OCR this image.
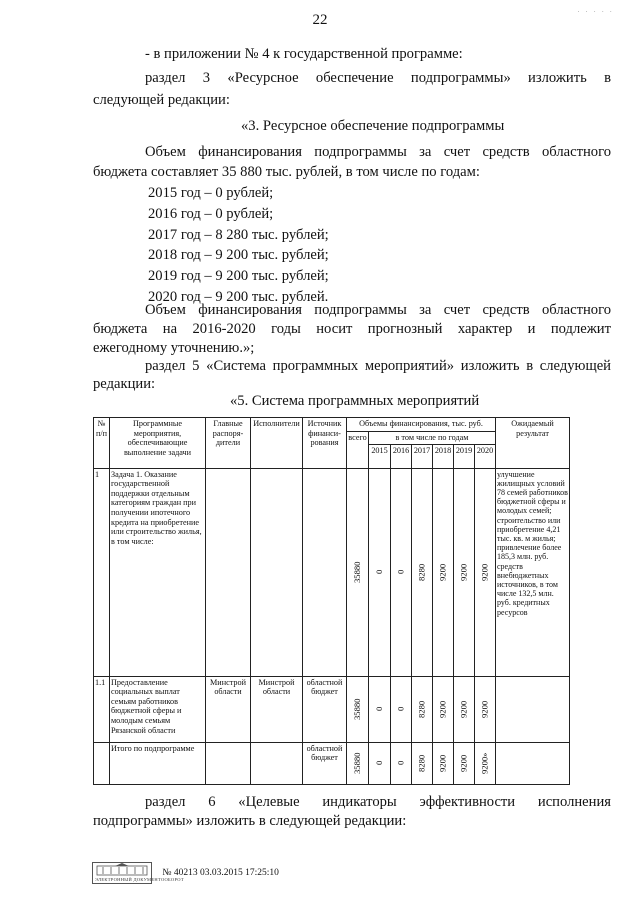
22	· · · · ·
- в приложении № 4 к государственной программе:
раздел 3 «Ресурсное обеспечение подпрограммы» изложить в
следующей редакции:
«3. Ресурсное обеспечение подпрограммы
Объем финансирования подпрограммы за счет средств областного
бюджета составляет 35 880 тыс. рублей, в том числе по годам:
2015 год – 0 рублей;
2016 год – 0 рублей;
2017 год – 8 280 тыс. рублей;
2018 год – 9 200 тыс. рублей;
2019 год – 9 200 тыс. рублей;
2020 год – 9 200 тыс. рублей.
Объем финансирования подпрограммы за счет средств областного
бюджета на 2016-2020 годы носит прогнозный характер и подлежит
ежегодному уточнению.»;
раздел 5 «Система программных мероприятий» изложить в следующей
редакции:
«5. Система программных мероприятий
№ п/п	Программные мероприятия, обеспечивающие выполнение задачи	Главные распоря-дители	Исполнители	Источник финанси-рования	Объемы финансирования, тыс. руб.							Ожидаемый результат
					всего	в том числе по годам						
						2015	2016	2017	2018	2019	2020	
1	Задача 1. Оказание государственной поддержки отдельным категориям граждан при получении ипотечного кредита на приобретение или строительство жилья, в том числе:				35880	0	0	8280	9200	9200	9200	улучшение жилищных условий 78 семей работников бюджетной сферы и молодых семей; строительство или приобретение 4,21 тыс. кв. м жилья; привлечение более 185,3 млн. руб. средств внебюджетных источников, в том числе 132,5 млн. руб. кредитных ресурсов
1.1	Предоставление социальных выплат семьям работников бюджетной сферы и молодым семьям Рязанской области	Минстрой области	Минстрой области	областной бюджет	35880	0	0	8280	9200	9200	9200	
	Итого по подпрограмме			областной бюджет	35880	0	0	8280	9200	9200	9200»	
раздел 6 «Целевые индикаторы эффективности исполнения
подпрограммы» изложить в следующей редакции:
ЭЛЕКТРОННЫЙ ДОКУМЕНТООБОРОТ
№ 40213 03.03.2015 17:25:10
